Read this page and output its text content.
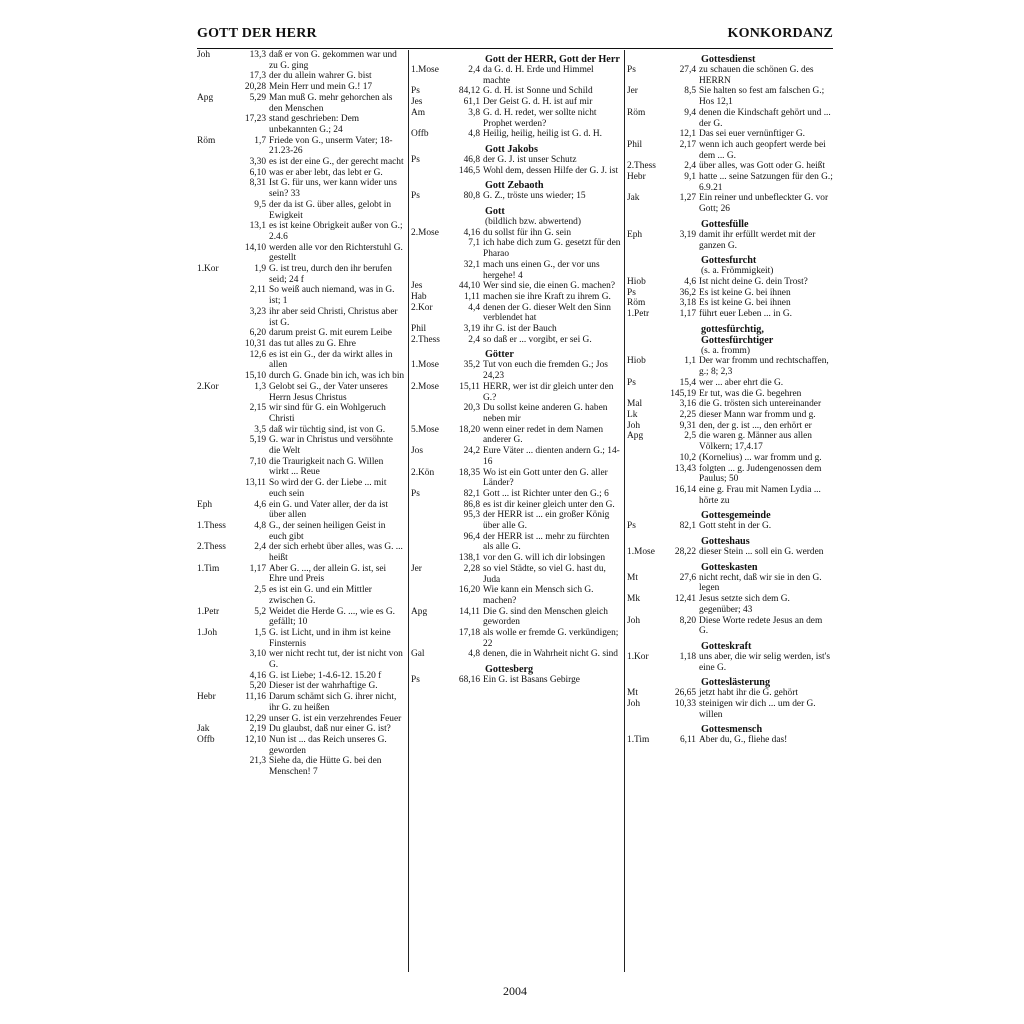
GOTT DER HERR	KONKORDANZ
Joh	13,3 daß er von G. gekommen war und zu G. ging
17,3 der du allein wahrer G. bist
20,28 Mein Herr und mein G.! 17
Apg	5,29 Man muß G. mehr gehorchen als den Menschen
17,23 stand geschrieben: Dem unbekannten G.; 24
Röm	1,7 Friede von G., unserm Vater; 18-21.23-26
3,30 es ist der eine G., der gerecht macht
6,10 was er aber lebt, das lebt er G.
8,31 Ist G. für uns, wer kann wider uns sein? 33
9,5 der da ist G. über alles, gelobt in Ewigkeit
13,1 es ist keine Obrigkeit außer von G.; 2.4.6
14,10 werden alle vor den Richterstuhl G. gestellt
1.Kor	1,9 G. ist treu, durch den ihr berufen seid; 24 f
2,11 So weiß auch niemand, was in G. ist; 1
3,23 ihr aber seid Christi, Christus aber ist G.
6,20 darum preist G. mit eurem Leibe
10,31 das tut alles zu G. Ehre
12,6 es ist ein G., der da wirkt alles in allen
15,10 durch G. Gnade bin ich, was ich bin
2.Kor	1,3 Gelobt sei G., der Vater unseres Herrn Jesus Christus
2,15 wir sind für G. ein Wohlgeruch Christi
3,5 daß wir tüchtig sind, ist von G.
5,19 G. war in Christus und versöhnte die Welt
7,10 die Traurigkeit nach G. Willen wirkt ... Reue
13,11 So wird der G. der Liebe ... mit euch sein
Eph	4,6 ein G. und Vater aller, der da ist über allen
1.Thess	4,8 G., der seinen heiligen Geist in euch gibt
2.Thess	2,4 der sich erhebt über alles, was G. ... heißt
1.Tim	1,17 Aber G. ..., der allein G. ist, sei Ehre und Preis
2,5 es ist ein G. und ein Mittler zwischen G.
1.Petr	5,2 Weidet die Herde G. ..., wie es G. gefällt; 10
1.Joh	1,5 G. ist Licht, und in ihm ist keine Finsternis
3,10 wer nicht recht tut, der ist nicht von G.
4,16 G. ist Liebe; 1-4.6-12. 15.20 f
5,20 Dieser ist der wahrhaftige G.
Hebr	11,16 Darum schämt sich G. ihrer nicht, ihr G. zu heißen
12,29 unser G. ist ein verzehrendes Feuer
Jak	2,19 Du glaubst, daß nur einer G. ist?
Offb	12,10 Nun ist ... das Reich unseres G. geworden
21,3 Siehe da, die Hütte G. bei den Menschen! 7
Gott der HERR, Gott der Herr
1.Mose	2,4 da G. d. H. Erde und Himmel machte
Ps	84,12 G. d. H. ist Sonne und Schild
Jes	61,1 Der Geist G. d. H. ist auf mir
Am	3,8 G. d. H. redet, wer sollte nicht Prophet werden?
Offb	4,8 Heilig, heilig, heilig ist G. d. H.
Gott Jakobs
Ps	46,8 der G. J. ist unser Schutz
146,5 Wohl dem, dessen Hilfe der G. J. ist
Gott Zebaoth
Ps	80,8 G. Z., tröste uns wieder; 15
Gott
(bildlich bzw. abwertend)
2.Mose	4,16 du sollst für ihn G. sein
7,1 ich habe dich zum G. gesetzt für den Pharao
32,1 mach uns einen G., der vor uns hergehe! 4
Jes	44,10 Wer sind sie, die einen G. machen?
Hab	1,11 machen sie ihre Kraft zu ihrem G.
2.Kor	4,4 denen der G. dieser Welt den Sinn verblendet hat
Phil	3,19 ihr G. ist der Bauch
2.Thess	2,4 so daß er ... vorgibt, er sei G.
Götter
1.Mose	35,2 Tut von euch die fremden G.; Jos 24,23
2.Mose	15,11 HERR, wer ist dir gleich unter den G.?
20,3 Du sollst keine anderen G. haben neben mir
5.Mose	18,20 wenn einer redet in dem Namen anderer G.
Jos	24,2 Eure Väter ... dienten andern G.; 14-16
2.Kön	18,35 Wo ist ein Gott unter den G. aller Länder?
Ps	82,1 Gott ... ist Richter unter den G.; 6
86,8 es ist dir keiner gleich unter den G.
95,3 der HERR ist ... ein großer König über alle G.
96,4 der HERR ist ... mehr zu fürchten als alle G.
138,1 vor den G. will ich dir lobsingen
Jer	2,28 so viel Städte, so viel G. hast du, Juda
16,20 Wie kann ein Mensch sich G. machen?
Apg	14,11 Die G. sind den Menschen gleich geworden
17,18 als wolle er fremde G. verkündigen; 22
Gal	4,8 denen, die in Wahrheit nicht G. sind
Gottesberg
Ps	68,16 Ein G. ist Basans Gebirge
Gottesdienst
Ps	27,4 zu schauen die schönen G. des HERRN
Jer	8,5 Sie halten so fest am falschen G.; Hos 12,1
Röm	9,4 denen die Kindschaft gehört und ... der G.
12,1 Das sei euer vernünftiger G.
Phil	2,17 wenn ich auch geopfert werde bei dem ... G.
2.Thess	2,4 über alles, was Gott oder G. heißt
Hebr	9,1 hatte ... seine Satzungen für den G.; 6.9.21
Jak	1,27 Ein reiner und unbefleckter G. vor Gott; 26
Gottesfülle
Eph	3,19 damit ihr erfüllt werdet mit der ganzen G.
Gottesfurcht
(s. a. Frömmigkeit)
Hiob	4,6 Ist nicht deine G. dein Trost?
Ps	36,2 Es ist keine G. bei ihnen
Röm	3,18 Es ist keine G. bei ihnen
1.Petr	1,17 führt euer Leben ... in G.
gottesfürchtig, Gottesfürchtiger
(s. a. fromm)
Hiob	1,1 Der war fromm und rechtschaffen, g.; 8; 2,3
Ps	15,4 wer ... aber ehrt die G.
145,19 Er tut, was die G. begehren
Mal	3,16 die G. trösten sich untereinander
Lk	2,25 dieser Mann war fromm und g.
Joh	9,31 den, der g. ist ..., den erhört er
Apg	2,5 die waren g. Männer aus allen Völkern; 17,4.17
10,2 (Kornelius) ... war fromm und g.
13,43 folgten ... g. Judengenossen dem Paulus; 50
16,14 eine g. Frau mit Namen Lydia ... hörte zu
Gottesgemeinde
Ps	82,1 Gott steht in der G.
Gotteshaus
1.Mose	28,22 dieser Stein ... soll ein G. werden
Gotteskasten
Mt	27,6 nicht recht, daß wir sie in den G. legen
Mk	12,41 Jesus setzte sich dem G. gegenüber; 43
Joh	8,20 Diese Worte redete Jesus an dem G.
Gotteskraft
1.Kor	1,18 uns aber, die wir selig werden, ist's eine G.
Gotteslästerung
Mt	26,65 jetzt habt ihr die G. gehört
Joh	10,33 steinigen wir dich ... um der G. willen
Gottesmensch
1.Tim	6,11 Aber du, G., fliehe das!
2004
